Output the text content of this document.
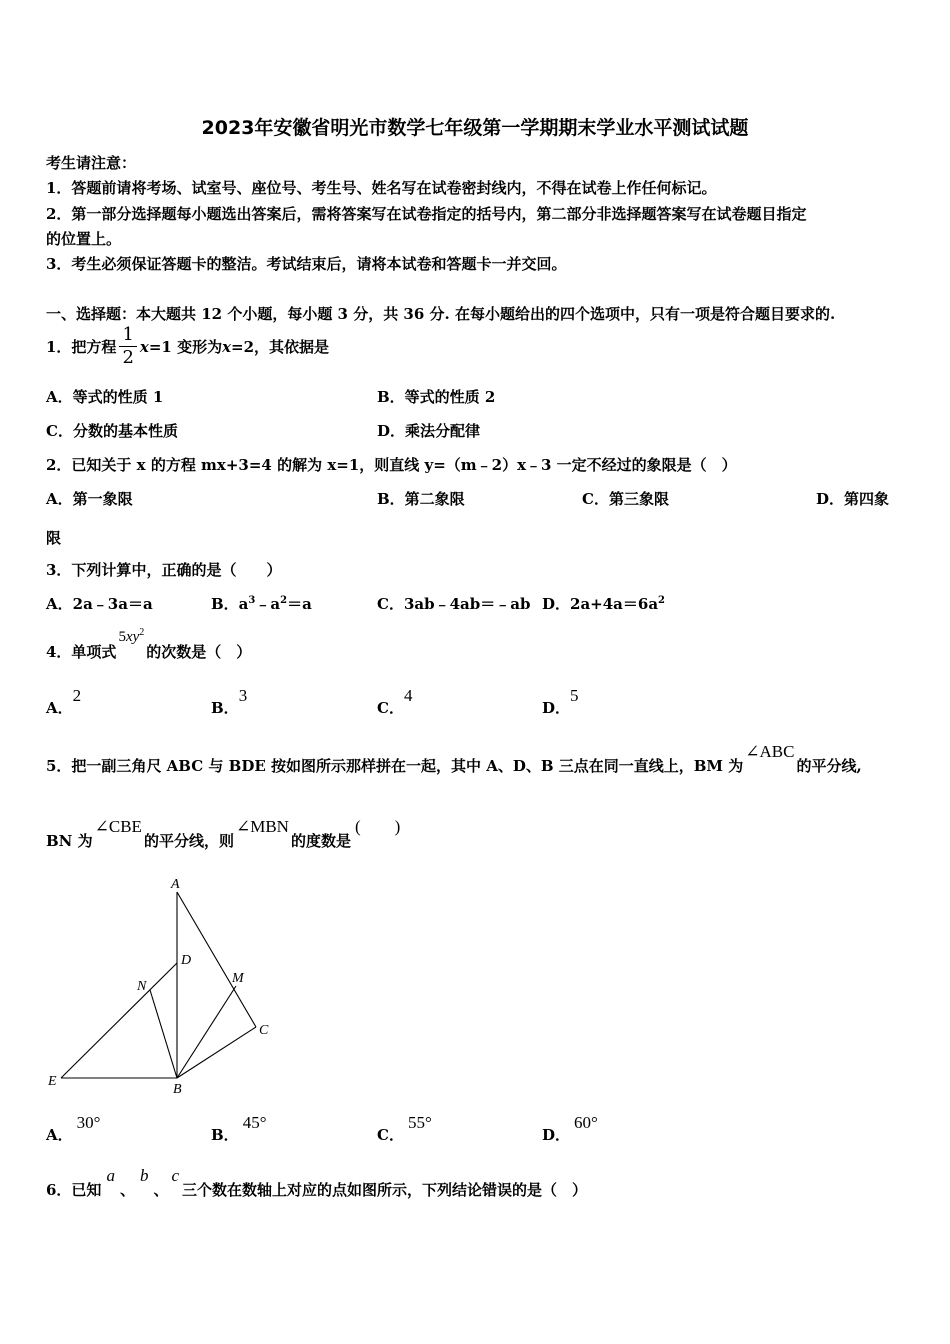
2023年安徽省明光市数学七年级第一学期期末学业水平测试试题
考生请注意：
1．答题前请将考场、试室号、座位号、考生号、姓名写在试卷密封线内，不得在试卷上作任何标记。
2．第一部分选择题每小题选出答案后，需将答案写在试卷指定的括号内，第二部分非选择题答案写在试卷题目指定
的位置上。
3．考生必须保证答题卡的整洁。考试结束后，请将本试卷和答题卡一并交回。
一、选择题：本大题共 12 个小题，每小题 3 分，共 36 分. 在每小题给出的四个选项中，只有一项是符合题目要求的.
1．把方程 $\frac{1}{2}$ x =1 变形为 x =2，其依据是
A．等式的性质 1	B．等式的性质 2
C．分数的基本性质	D．乘法分配律
2．已知关于 x 的方程 mx+3=4 的解为 x=1，则直线 y=（m﹣2）x﹣3 一定不经过的象限是（　）
A．第一象限	B．第二象限	C．第三象限	D．第四象
限
3．下列计算中，正确的是（　　）
A．2a﹣3a＝a	B．$a^3﹣a^2=a$	C．3ab﹣4ab＝﹣ab D．$2a+4a=6a^2$
4．单项式
$5xy^2$
的次数是（　）
A．2
B．3
C．4
D．5
5．把一副三角尺 ABC 与 BDE 按如图所示那样拼在一起，其中 A、D、B 三点在同一直线上，BM 为
∠ABC
的平分线,
BN 为
∠CBE
的平分线，则
∠MBN
的度数是
(　　)
A
D
N
M
C
E
B
A．30°
B．45°
C．55°
D．60°
6．已知
a
、
b
、
c
三个数在数轴上对应的点如图所示，下列结论错误的是（　）
